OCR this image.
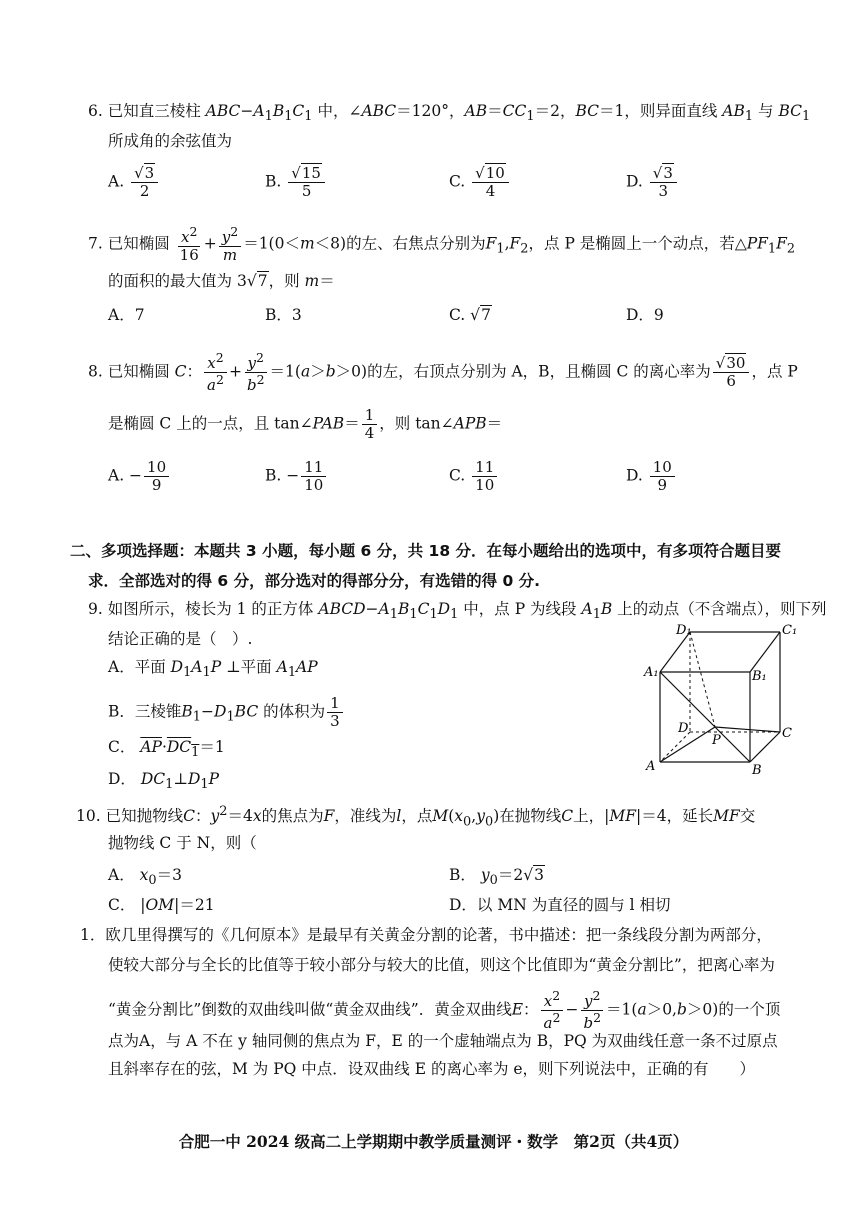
6. 已知直三棱柱 $ABC-A_1B_1C_1$ 中，∠ABC＝120°，$AB=CC_1=2$，BC＝1，则异面直线 $AB_1$ 与 $BC_1$
所成角的余弦值为
A. $\frac{√3}{2}$	B. $\frac{√15}{5}$	C. $\frac{√10}{4}$	D. $\frac{√3}{3}$
7. 已知椭圆 $\frac{x^2}{16} + \frac{y^2}{m} =1(0<m<8)$的左、右焦点分别为$F_1,F_2$，点 P 是椭圆上一个动点，若$\triangle PF_1F_2$
的面积的最大值为 3√7，则 m＝
A．7	B．3	C. √7	D．9
8. 已知椭圆 C： $\frac{x^2}{a^2} + \frac{y^2}{b^2} =1(a>b>0)$的左，右顶点分别为 A，B，且椭圆 C 的离心率为 $\frac{√30}{6}$ ，点 P
是椭圆 C 上的一点，且 tan∠PAB＝ $\frac{1}{4}$ ，则 tan∠APB＝
A. − $\frac{10}{9}$	B. − $\frac{11}{10}$	C. $\frac{11}{10}$	D. $\frac{10}{9}$
二、多项选择题：本题共 3 小题，每小题 6 分，共 18 分．在每小题给出的选项中，有多项符合题目要
求．全部选对的得 6 分，部分选对的得部分分，有选错的得 0 分.
9. 如图所示，棱长为 1 的正方体 $ABCD-A_1B_1C_1D_1$ 中，点 P 为线段 $A_1B$ 上的动点（不含端点），则下列
结论正确的是（　）.
A．平面 $D_1A_1P$ ⊥平面 $A_1AP$
B．三棱锥$B_1-D_1BC$ 的体积为 $\frac{1}{3}$
C． $\overline{AP}\cdot DC_1=1$
D． $DC_1\perp D_1P$
D₁	C₁
A₁	B₁
D
P	C
A	B
10. 已知抛物线C：$y^2=4x$的焦点为F，准线为l，点$M(x_0,y_0)$在抛物线C上，|MF|＝4，延长MF交
抛物线 C 于 N，则（
A． $x_0=3$	B． $y_0=2√3$
C． |OM|＝21	D．以 MN 为直径的圆与 l 相切
1．欧几里得撰写的《几何原本》是最早有关黄金分割的论著，书中描述：把一条线段分割为两部分，
使较大部分与全长的比值等于较小部分与较大的比值，则这个比值即为“黄金分割比”，把离心率为
“黄金分割比”倒数的双曲线叫做“黄金双曲线”．黄金双曲线E： $\frac{x^2}{a^2} - \frac{y^2}{b^2} =1(a>0,b>0)$的一个顶
点为A，与 A 不在 y 轴同侧的焦点为 F，E 的一个虚轴端点为 B，PQ 为双曲线任意一条不过原点
且斜率存在的弦，M 为 PQ 中点．设双曲线 E 的离心率为 e，则下列说法中，正确的有　　）
合肥一中 2024 级高二上学期期中教学质量测评・数学　第2页（共4页）
